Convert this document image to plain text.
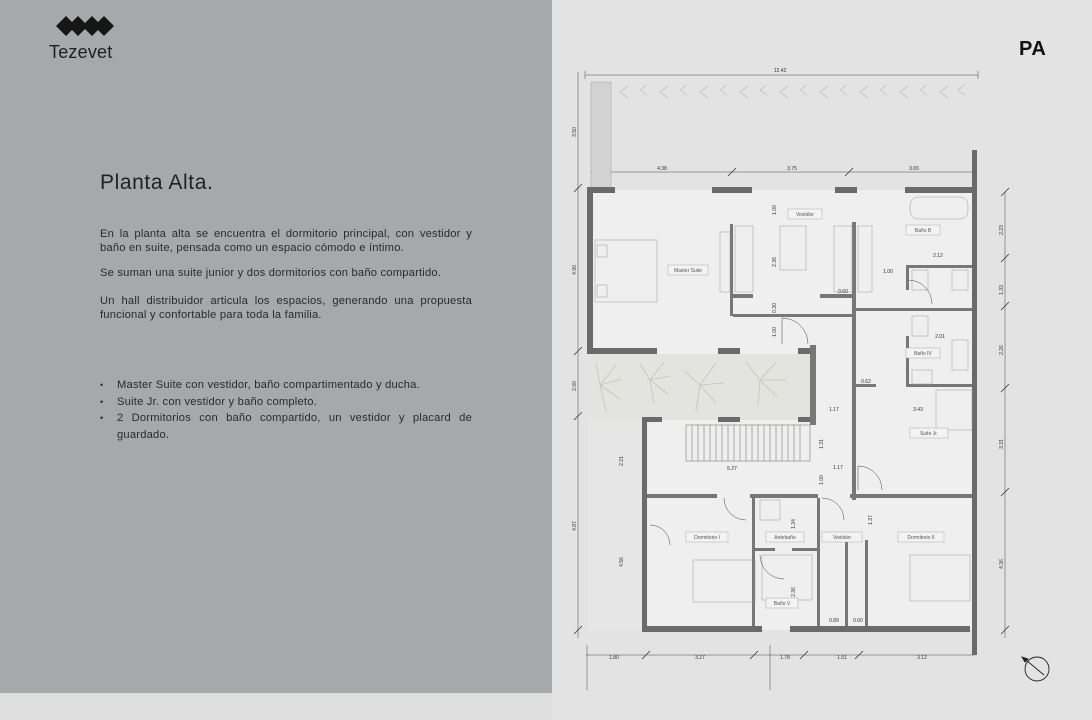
Tezevet
Planta Alta.

En la planta alta se encuentra el dormitorio principal, con vestidor y baño en suite, pensada como un espacio cómodo e íntimo.

Se suman una suite junior y dos dormitorios con baño compartido.

Un hall distribuidor articula los espacios, generando una propuesta funcional y confortable para toda la familia.

• Master Suite con vestidor, baño compartimentado y ducha.
• Suite Jr. con vestidor y baño completo.
• 2 Dormitorios con baño compartido, un vestidor y placard de guardado.
PA
12.42
4.38	3.75	3.65
1.80	3.27	1.78	1.51	3.12
1.00
2.12
2.01
0.60
0.62
1.17	3.43
5.27	1.17
0.89	0.60
3.50
4.90
2.00
4.87
2.23
1.33
2.26
3.31
4.36
1.00
2.36
0.30
1.00
2.21
4.56
1.31
1.00
1.34	1.37
2.36
Master Suite
Vestidor
Baño B
Baño IV
Suite Jr.
Dormitorio I	Antebaño	Vestidor	Dormitorio II
Baño V
